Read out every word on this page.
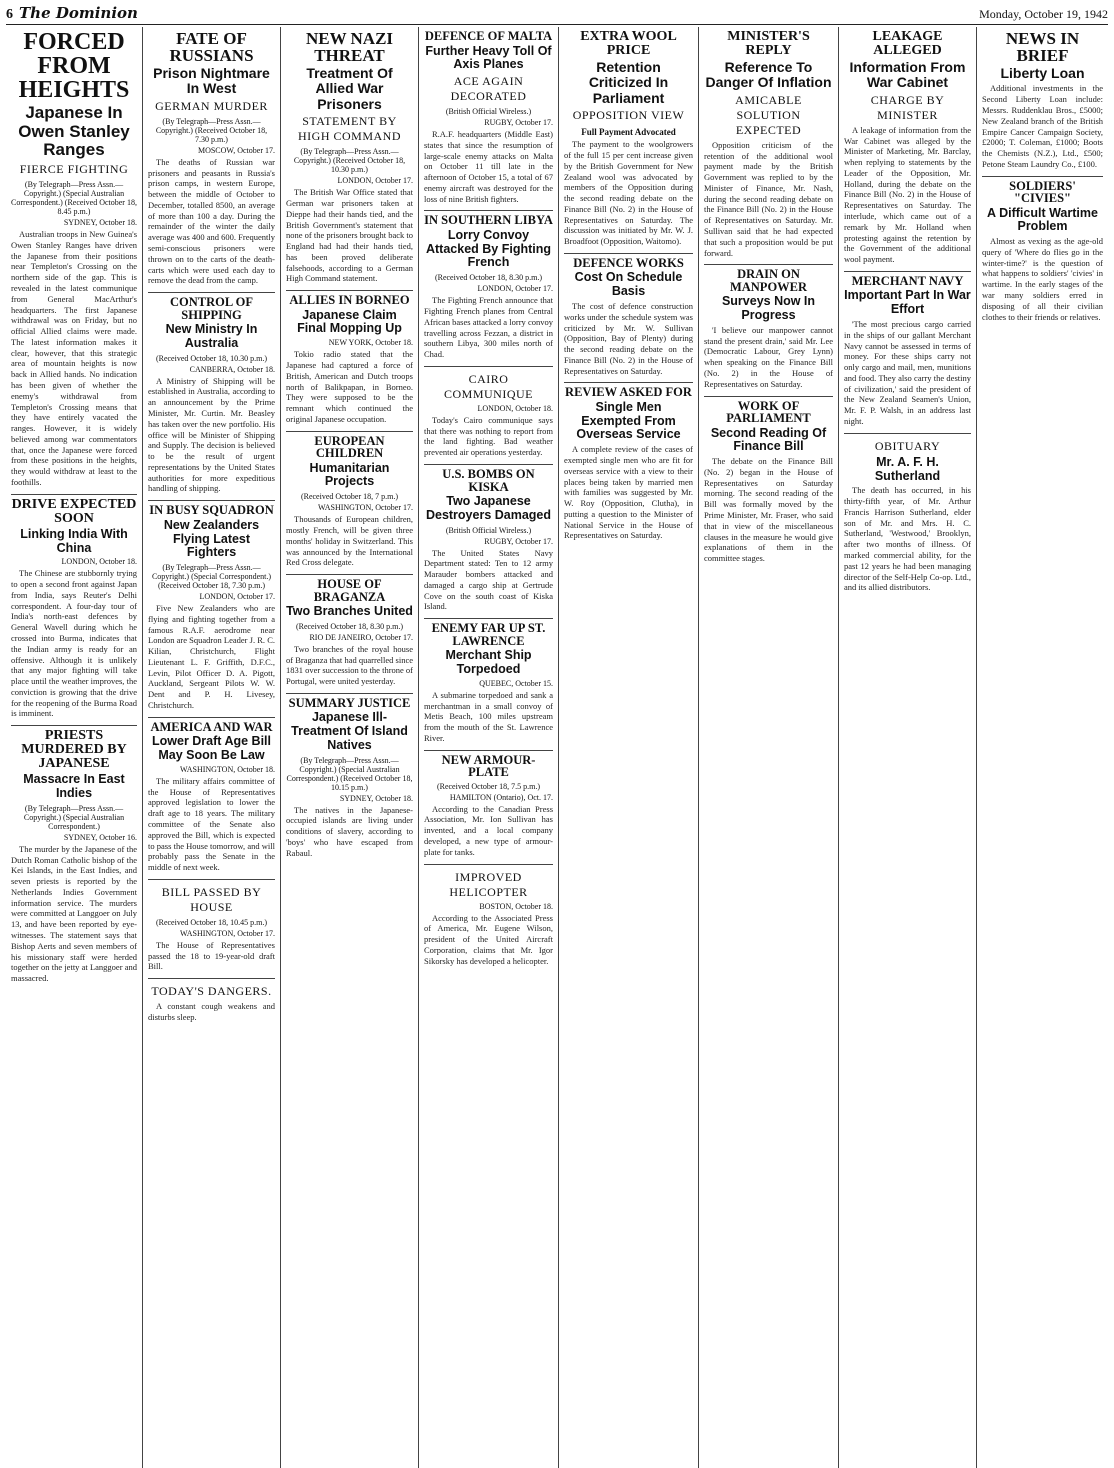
6 The Dominion	Monday, October 19, 1942
FORCED FROM HEIGHTS
Japanese In Owen Stanley Ranges
FIERCE FIGHTING
(By Telegraph—Press Assn.—Copyright.) (Special Australian Correspondent.) (Received October 18, 8.45 p.m.)
SYDNEY, October 18.

Australian troops in New Guinea's Owen Stanley Ranges have driven the Japanese from their positions near Templeton's Crossing on the northern side of the gap. This is revealed in the latest communique from General MacArthur's headquarters. The first Japanese withdrawal was on Friday, but no official Allied claims were made. The latest information makes it clear, however, that this strategic area of mountain heights is now back in Allied hands. No indication has been given of whether the enemy's withdrawal from Templeton's Crossing means that they have entirely vacated the ranges. However, it is widely believed among war commentators that, once the Japanese were forced from these positions in the heights, they would withdraw at least to the foothills.

DRIVE EXPECTED SOON
Linking India With China
LONDON, October 18.

The Chinese are stubbornly trying to open a second front against Japan from India, says Reuter's Delhi correspondent. A four-day tour of India's north-east defences by General Wavell during which he crossed into Burma, indicates that the Indian army is ready for an offensive. Although it is unlikely that any major fighting will take place until the weather improves, the conviction is growing that the drive for the reopening of the Burma Road is imminent.

PRIESTS MURDERED BY JAPANESE
Massacre In East Indies
(By Telegraph—Press Assn.—Copyright.) (Special Australian Correspondent.)
SYDNEY, October 16.

The murder by the Japanese of the Dutch Roman Catholic bishop of the Kei Islands, in the East Indies, and seven priests is reported by the Netherlands Indies Government information service. The murders were committed at Langgoer on July 13, and have been reported by eye-witnesses. The statement says that Bishop Aerts and seven members of his missionary staff were herded together on the jetty at Langgoer and massacred.

FATE OF RUSSIANS
Prison Nightmare In West
GERMAN MURDER
(By Telegraph—Press Assn.—Copyright.) (Received October 18, 7.30 p.m.)
MOSCOW, October 17.

The deaths of Russian war prisoners and peasants in Russia's prison camps, in western Europe, between the middle of October to December, totalled 8500, an average of more than 100 a day. During the remainder of the winter the daily average was 400 and 600. Frequently semi-conscious prisoners were thrown on to the carts of the death-carts which were used each day to remove the dead from the camp.

CONTROL OF SHIPPING
New Ministry In Australia
(Received October 18, 10.30 p.m.)
CANBERRA, October 18.

A Ministry of Shipping will be established in Australia, according to an announcement by the Prime Minister, Mr. Curtin. Mr. Beasley has taken over the new portfolio. His office will be Minister of Shipping and Supply. The decision is believed to be the result of urgent representations by the United States authorities for more expeditious handling of shipping.

IN BUSY SQUADRON
New Zealanders Flying Latest Fighters
(By Telegraph—Press Assn.—Copyright.) (Special Correspondent.) (Received October 18, 7.30 p.m.)
LONDON, October 17.

Five New Zealanders who are flying and fighting together from a famous R.A.F. aerodrome near London are Squadron Leader J. R. C. Kilian, Christchurch, Flight Lieutenant L. F. Griffith, D.F.C., Levin, Pilot Officer D. A. Pigott, Auckland, Sergeant Pilots W. W. Dent and P. H. Livesey, Christchurch.

AMERICA AND WAR
Lower Draft Age Bill May Soon Be Law
WASHINGTON, October 18.

The military affairs committee of the House of Representatives approved legislation to lower the draft age to 18 years. The military committee of the Senate also approved the Bill, which is expected to pass the House tomorrow, and will probably pass the Senate in the middle of next week.

BILL PASSED BY HOUSE
(Received October 18, 10.45 p.m.)
WASHINGTON, October 17.

The House of Representatives passed the 18 to 19-year-old draft Bill.

TODAY'S DANGERS.

A constant cough weakens and disturbs sleep.

NEW NAZI THREAT
Treatment Of Allied War Prisoners
STATEMENT BY HIGH COMMAND
(By Telegraph—Press Assn.—Copyright.) (Received October 18, 10.30 p.m.)
LONDON, October 17.

The British War Office stated that German war prisoners taken at Dieppe had their hands tied, and the British Government's statement that none of the prisoners brought back to England had had their hands tied, has been proved deliberate falsehoods, according to a German High Command statement.

ALLIES IN BORNEO
Japanese Claim Final Mopping Up
NEW YORK, October 18.

Tokio radio stated that the Japanese had captured a force of British, American and Dutch troops north of Balikpapan, in Borneo. They were supposed to be the remnant which continued the original Japanese occupation.

EUROPEAN CHILDREN
Humanitarian Projects
(Received October 18, 7 p.m.)
WASHINGTON, October 17.

Thousands of European children, mostly French, will be given three months' holiday in Switzerland. This was announced by the International Red Cross delegate.

HOUSE OF BRAGANZA
Two Branches United
(Received October 18, 8.30 p.m.)
RIO DE JANEIRO, October 17.

Two branches of the royal house of Braganza that had quarrelled since 1831 over succession to the throne of Portugal, were united yesterday.

SUMMARY JUSTICE
Japanese Ill-Treatment Of Island Natives
(By Telegraph—Press Assn.—Copyright.) (Special Australian Correspondent.) (Received October 18, 10.15 p.m.)
SYDNEY, October 18.

The natives in the Japanese-occupied islands are living under conditions of slavery, according to 'boys' who have escaped from Rabaul.

DEFENCE OF MALTA
Further Heavy Toll Of Axis Planes
ACE AGAIN DECORATED
(British Official Wireless.)
RUGBY, October 17.

R.A.F. headquarters (Middle East) states that since the resumption of large-scale enemy attacks on Malta on October 11 till late in the afternoon of October 15, a total of 67 enemy aircraft was destroyed for the loss of nine British fighters.

IN SOUTHERN LIBYA
Lorry Convoy Attacked By Fighting French
(Received October 18, 8.30 p.m.)
LONDON, October 17.

The Fighting French announce that Fighting French planes from Central African bases attacked a lorry convoy travelling across Fezzan, a district in southern Libya, 300 miles north of Chad.

CAIRO COMMUNIQUE
LONDON, October 18.

Today's Cairo communique says that there was nothing to report from the land fighting. Bad weather prevented air operations yesterday.

U.S. BOMBS ON KISKA
Two Japanese Destroyers Damaged
(British Official Wireless.)
RUGBY, October 17.

The United States Navy Department stated: Ten to 12 army Marauder bombers attacked and damaged a cargo ship at Gertrude Cove on the south coast of Kiska Island.

ENEMY FAR UP ST. LAWRENCE
Merchant Ship Torpedoed
QUEBEC, October 15.

A submarine torpedoed and sank a merchantman in a small convoy of Metis Beach, 100 miles upstream from the mouth of the St. Lawrence River.

NEW ARMOUR-PLATE
(Received October 18, 7.5 p.m.)
HAMILTON (Ontario), Oct. 17.

According to the Canadian Press Association, Mr. Ion Sullivan has invented, and a local company developed, a new type of armour-plate for tanks.

IMPROVED HELICOPTER
BOSTON, October 18.

According to the Associated Press of America, Mr. Eugene Wilson, president of the United Aircraft Corporation, claims that Mr. Igor Sikorsky has developed a helicopter.

EXTRA WOOL PRICE
Retention Criticized In Parliament
OPPOSITION VIEW
Full Payment Advocated

The payment to the woolgrowers of the full 15 per cent increase given by the British Government for New Zealand wool was advocated by members of the Opposition during the second reading debate on the Finance Bill (No. 2) in the House of Representatives on Saturday. The discussion was initiated by Mr. W. J. Broadfoot (Opposition, Waitomo).

DEFENCE WORKS
Cost On Schedule Basis

The cost of defence construction works under the schedule system was criticized by Mr. W. Sullivan (Opposition, Bay of Plenty) during the second reading debate on the Finance Bill (No. 2) in the House of Representatives on Saturday.

REVIEW ASKED FOR
Single Men Exempted From Overseas Service

A complete review of the cases of exempted single men who are fit for overseas service with a view to their places being taken by married men with families was suggested by Mr. W. Roy (Opposition, Clutha), in putting a question to the Minister of National Service in the House of Representatives on Saturday.

MINISTER'S REPLY
Reference To Danger Of Inflation
AMICABLE SOLUTION EXPECTED

Opposition criticism of the retention of the additional wool payment made by the British Government was replied to by the Minister of Finance, Mr. Nash, during the second reading debate on the Finance Bill (No. 2) in the House of Representatives on Saturday. Mr. Sullivan said that he had expected that such a proposition would be put forward.

DRAIN ON MANPOWER
Surveys Now In Progress

'I believe our manpower cannot stand the present drain,' said Mr. Lee (Democratic Labour, Grey Lynn) when speaking on the Finance Bill (No. 2) in the House of Representatives on Saturday.

WORK OF PARLIAMENT
Second Reading Of Finance Bill

The debate on the Finance Bill (No. 2) began in the House of Representatives on Saturday morning. The second reading of the Bill was formally moved by the Prime Minister, Mr. Fraser, who said that in view of the miscellaneous clauses in the measure he would give explanations of them in the committee stages.

LEAKAGE ALLEGED
Information From War Cabinet
CHARGE BY MINISTER

A leakage of information from the War Cabinet was alleged by the Minister of Marketing, Mr. Barclay, when replying to statements by the Leader of the Opposition, Mr. Holland, during the debate on the Finance Bill (No. 2) in the House of Representatives on Saturday. The interlude, which came out of a remark by Mr. Holland when protesting against the retention by the Government of the additional wool payment.

MERCHANT NAVY
Important Part In War Effort

'The most precious cargo carried in the ships of our gallant Merchant Navy cannot be assessed in terms of money. For these ships carry not only cargo and mail, men, munitions and food. They also carry the destiny of civilization,' said the president of the New Zealand Seamen's Union, Mr. F. P. Walsh, in an address last night.

OBITUARY
Mr. A. F. H. Sutherland

The death has occurred, in his thirty-fifth year, of Mr. Arthur Francis Harrison Sutherland, elder son of Mr. and Mrs. H. C. Sutherland, 'Westwood,' Brooklyn, after two months of illness. Of marked commercial ability, for the past 12 years he had been managing director of the Self-Help Co-op. Ltd., and its allied distributors.

NEWS IN BRIEF
Liberty Loan

Additional investments in the Second Liberty Loan include: Messrs. Ruddenklau Bros., £5000; New Zealand branch of the British Empire Cancer Campaign Society, £2000; T. Coleman, £1000; Boots the Chemists (N.Z.), Ltd., £500; Petone Steam Laundry Co., £100.

SOLDIERS' "CIVIES"
A Difficult Wartime Problem

Almost as vexing as the age-old query of 'Where do flies go in the winter-time?' is the question of what happens to soldiers' 'civies' in wartime. In the early stages of the war many soldiers erred in disposing of all their civilian clothes to their friends or relatives.
